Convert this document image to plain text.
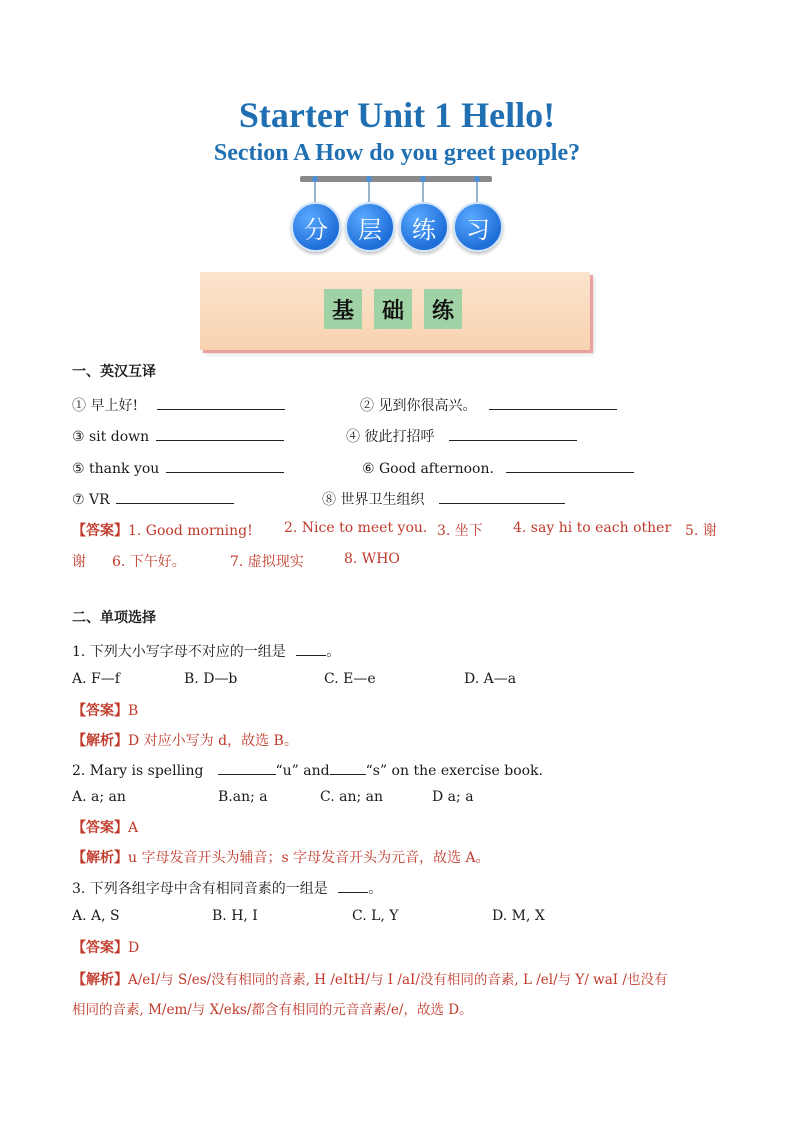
Starter Unit 1 Hello!
Section A How do you greet people?
分	层	练	习
基	础	练
一、英汉互译
① 早上好!	② 见到你很高兴。
③ sit down	④ 彼此打招呼
⑤ thank you	⑥ Good afternoon.
⑦ VR	⑧ 世界卫生组织
【答案】1. Good morning! 2. Nice to meet you. 3. 坐下 4. say hi to each other 5. 谢
谢 6. 下午好。	7. 虚拟现实	8. WHO
二、单项选择
1. 下列大小写字母不对应的一组是	。
A. F—f	B. D—b	C. E—e	D. A—a
【答案】B
【解析】D 对应小写为 d，故选 B。
2. Mary is spelling	“u” and	“s” on the exercise book.
A. a; an	B.an; a	C. an; an	D a; a
【答案】A
【解析】u 字母发音开头为辅音；s 字母发音开头为元音，故选 A。
3. 下列各组字母中含有相同音素的一组是	。
A. A, S	B. H, I	C. L, Y	D. M, X
【答案】D
【解析】A/eI/与 S/es/没有相同的音素, H /eItH/与 I /aI/没有相同的音素, L /el/与 Y/ waI /也没有
相同的音素, M/em/与 X/eks/都含有相同的元音音素/e/，故选 D。
